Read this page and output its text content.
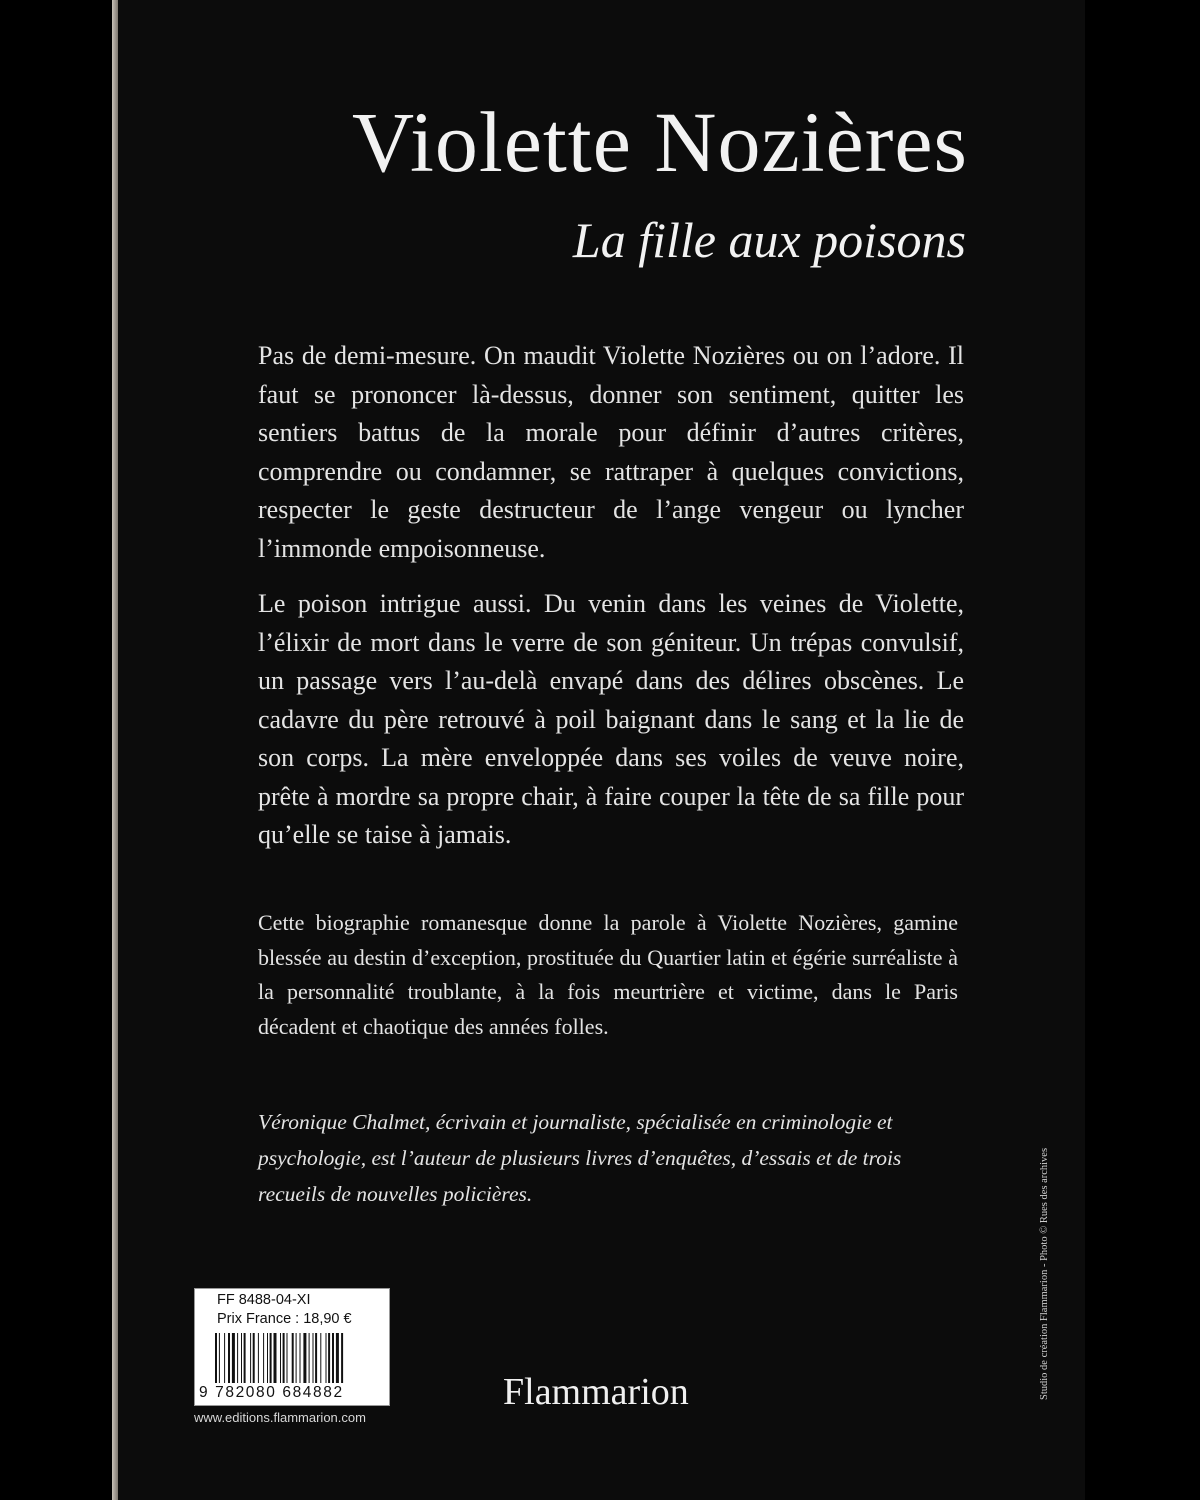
Violette Nozières
La fille aux poisons

Pas de demi-mesure. On maudit Violette Nozières ou on l’adore. Il faut se prononcer là-dessus, donner son sentiment, quitter les sentiers battus de la morale pour définir d’autres critères, comprendre ou condamner, se rattraper à quelques convictions, respecter le geste destructeur de l’ange vengeur ou lyncher l’immonde empoisonneuse.

Le poison intrigue aussi. Du venin dans les veines de Violette, l’élixir de mort dans le verre de son géniteur. Un trépas convulsif, un passage vers l’au-delà envapé dans des délires obscènes. Le cadavre du père retrouvé à poil baignant dans le sang et la lie de son corps. La mère enveloppée dans ses voiles de veuve noire, prête à mordre sa propre chair, à faire couper la tête de sa fille pour qu’elle se taise à jamais.

Cette biographie romanesque donne la parole à Violette Nozières, gamine blessée au destin d’exception, prostituée du Quartier latin et égérie surréaliste à la personnalité troublante, à la fois meurtrière et victime, dans le Paris décadent et chaotique des années folles.

Véronique Chalmet, écrivain et journaliste, spécialisée en criminologie et psychologie, est l’auteur de plusieurs livres d’enquêtes, d’essais et de trois recueils de nouvelles policières.	Studio de création Flammarion - Photo © Rues des archives
FF 8488-04-XI
Prix France : 18,90 €
9 782080 684882
www.editions.flammarion.com
Flammarion
